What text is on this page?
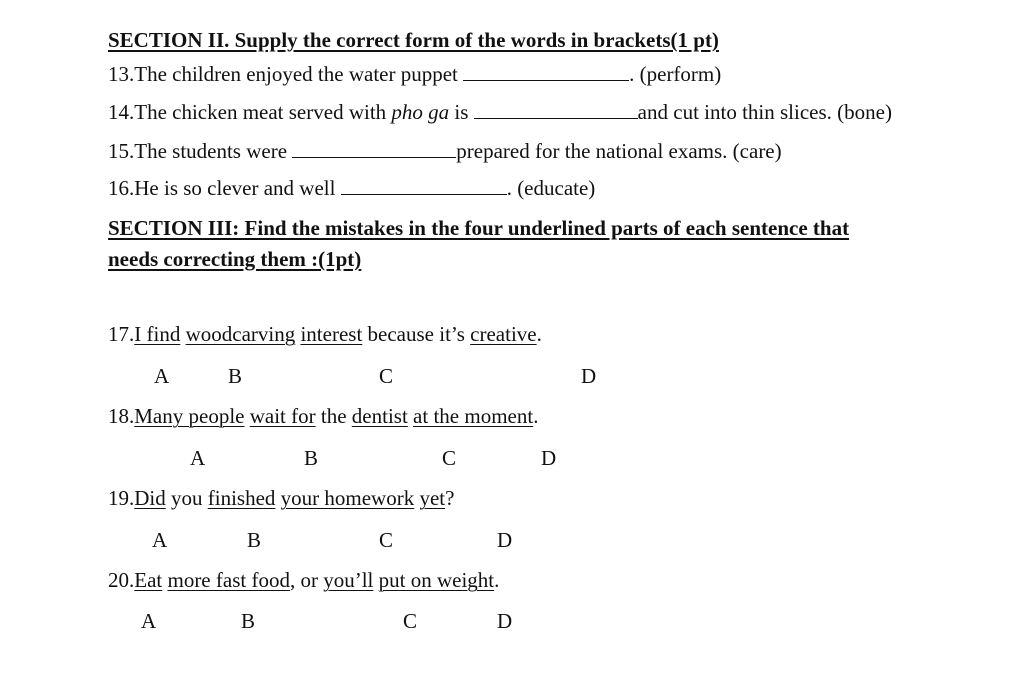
SECTION II. Supply the correct form of the words in brackets(1 pt)
13.The children enjoyed the water puppet	. (perform)
14.The chicken meat served with pho ga is	and cut into thin slices. (bone)
15.The students were	prepared for the national exams. (care)
16.He is so clever and well	. (educate)
SECTION III: Find the mistakes in the four underlined parts of each sentence that
needs correcting them :(1pt)
17.I find woodcarving interest because it’s creative.
A	B	C	D
18.Many people wait for the dentist at the moment.
A	B	C	D
19.Did you finished your homework yet?
A	B	C	D
20.Eat more fast food, or you’ll put on weight.
A	B	C	D
